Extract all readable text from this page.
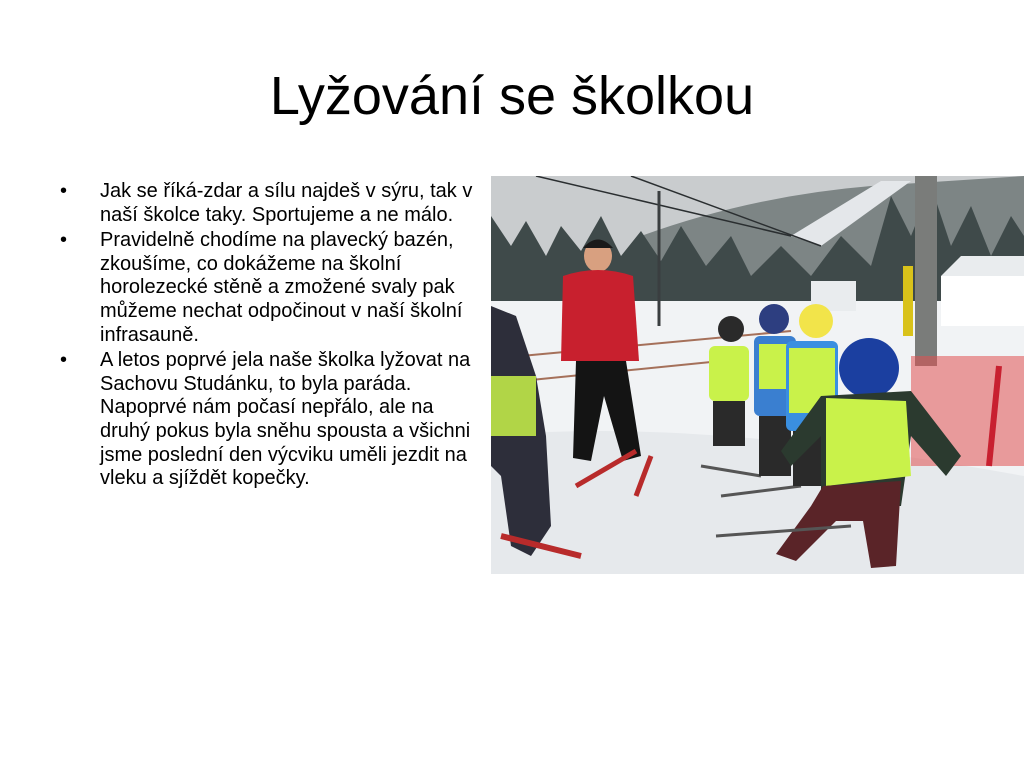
Lyžování se školkou
• Jak se říká-zdar a sílu najdeš v sýru, tak v naší školce taky. Sportujeme a ne málo.
• Pravidelně chodíme na plavecký bazén, zkoušíme, co dokážeme na školní horolezecké stěně a zmožené svaly pak můžeme nechat odpočinout v naší školní infrasauně.
• A letos poprvé jela naše školka lyžovat na Sachovu Studánku, to byla paráda. Napoprvé nám počasí nepřálo, ale na druhý pokus byla sněhu spousta a všichni jsme poslední den výcviku uměli jezdit na vleku a sjíždět kopečky.
